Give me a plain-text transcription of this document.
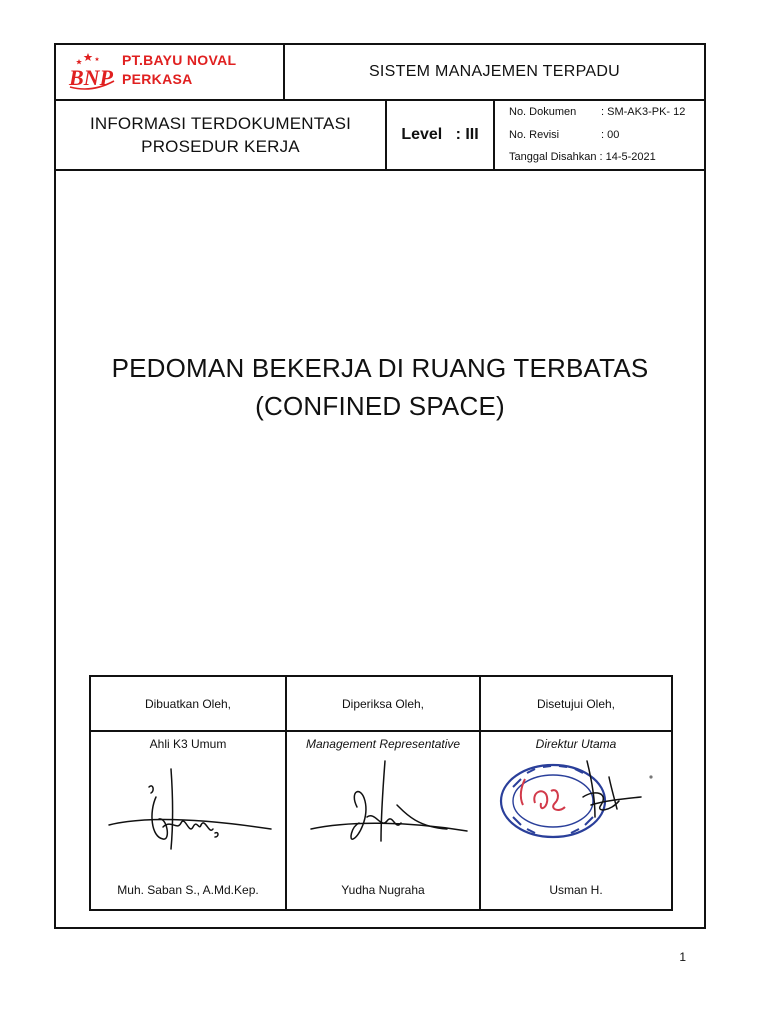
BNP
PT.BAYU NOVAL
PERKASA	SISTEM MANAJEMEN TERPADU
INFORMASI TERDOKUMENTASI
PROSEDUR KERJA
Level   : III
No. Dokumen : SM-AK3-PK- 12
No. Revisi	: 00
Tanggal Disahkan : 14-5-2021
PEDOMAN BEKERJA DI RUANG TERBATAS
(CONFINED SPACE)
Dibuatkan Oleh,
Ahli K3 Umum
Muh. Saban S., A.Md.Kep.
Diperiksa Oleh,
Management Representative
Yudha Nugraha
Disetujui Oleh,
Direktur Utama
Usman H.
1
